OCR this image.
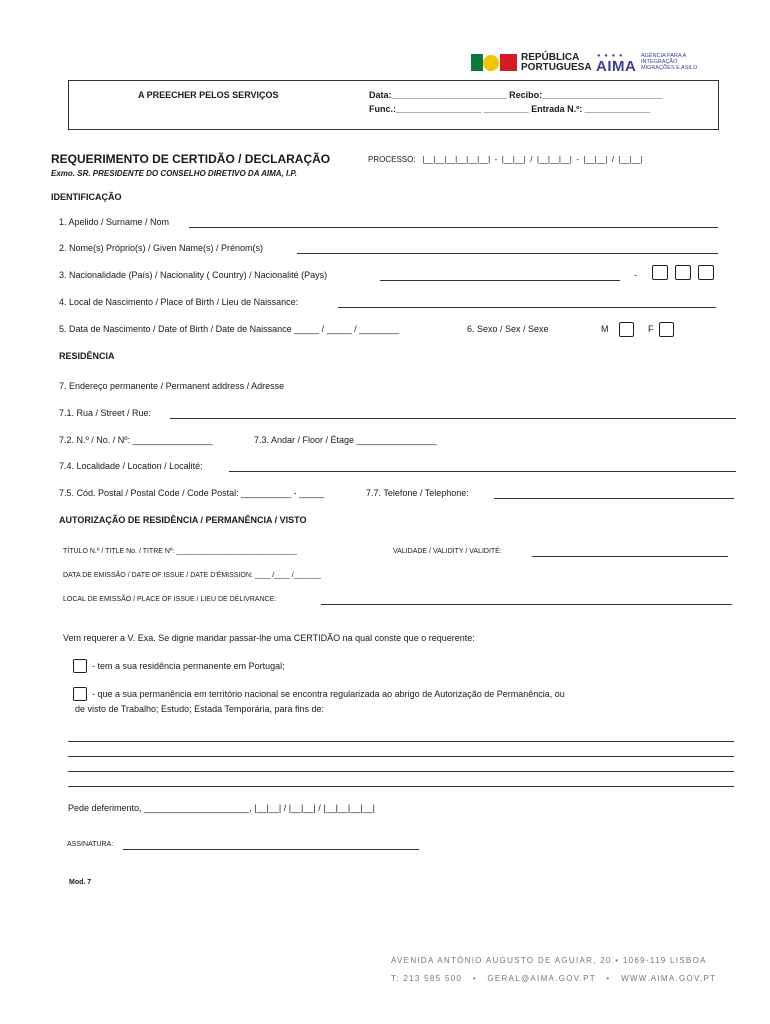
REPÚBLICA
PORTUGUESA
● ● ● ●
AIMA
AGÊNCIA PARA A
INTEGRAÇÃO
MIGRAÇÕES E ASILO
A PREECHER PELOS SERVIÇOS	Data:_______________________ Recibo:________________________
Func.:_________________ _________ Entrada N.º: _____________
REQUERIMENTO DE CERTIDÃO / DECLARAÇÃO	PROCESSO:   |__|__|__|__|__|__|  -  |__|__|  /  |__|__|__|  -  |__|__|  /  |__|__|
Exmo. SR. PRESIDENTE DO CONSELHO DIRETIVO DA AIMA, I.P.
IDENTIFICAÇÃO
1. Apelido / Surname / Nom
2. Nome(s) Próprio(s) / Given Name(s) / Prénom(s)
3. Nacionalidade (País) / Nacionality ( Country) / Nacionalité (Pays)	-
4. Local de Nascimento / Place of Birth / Lieu de Naissance:
5. Data de Nascimento / Date of Birth / Date de Naissance _____ / _____ / ________	6. Sexo / Sex / Sexe	M	F
RESIDÊNCIA
7. Endereço permanente / Permanent address / Adresse
7.1. Rua / Street / Rue:
7.2. N.º / No. / Nº: ________________	7.3. Andar / Floor / Étage ________________
7.4. Localidade / Location / Localité:
7.5. Cód. Postal / Postal Code / Code Postal: __________ - _____	7.7. Telefone / Telephone:
AUTORIZAÇÃO DE RESIDÊNCIA / PERMANÊNCIA / VISTO
TÍTULO N.º / TITLE No. / TITRE Nº: _______________________________	VALIDADE / VALIDITY / VALIDITÉ:
DATA DE EMISSÃO / DATE OF ISSUE / DATE D'ÉMISSION: ____ /____ /_______
LOCAL DE EMISSÃO / PLACE OF ISSUE / LIEU DE DÉLIVRANCE:
Vem requerer a V. Exa. Se digne mandar passar-lhe uma CERTIDÃO na qual conste que o requerente:
- tem a sua residência permanente em Portugal;
- que a sua permanência em território nacional se encontra regularizada ao abrigo de Autorização de Permanência, ou
de visto de Trabalho; Estudo; Estada Temporária, para fins de:
Pede deferimento, _____________________, |__|__| / |__|__| / |__|__|__|__|
ASSINATURA:
Mod. 7
AVENIDA ANTÓNIO AUGUSTO DE AGUIAR, 20 • 1069-119 LISBOA
T: 213 585 500   •   GERAL@AIMA.GOV.PT   •   WWW.AIMA.GOV.PT
